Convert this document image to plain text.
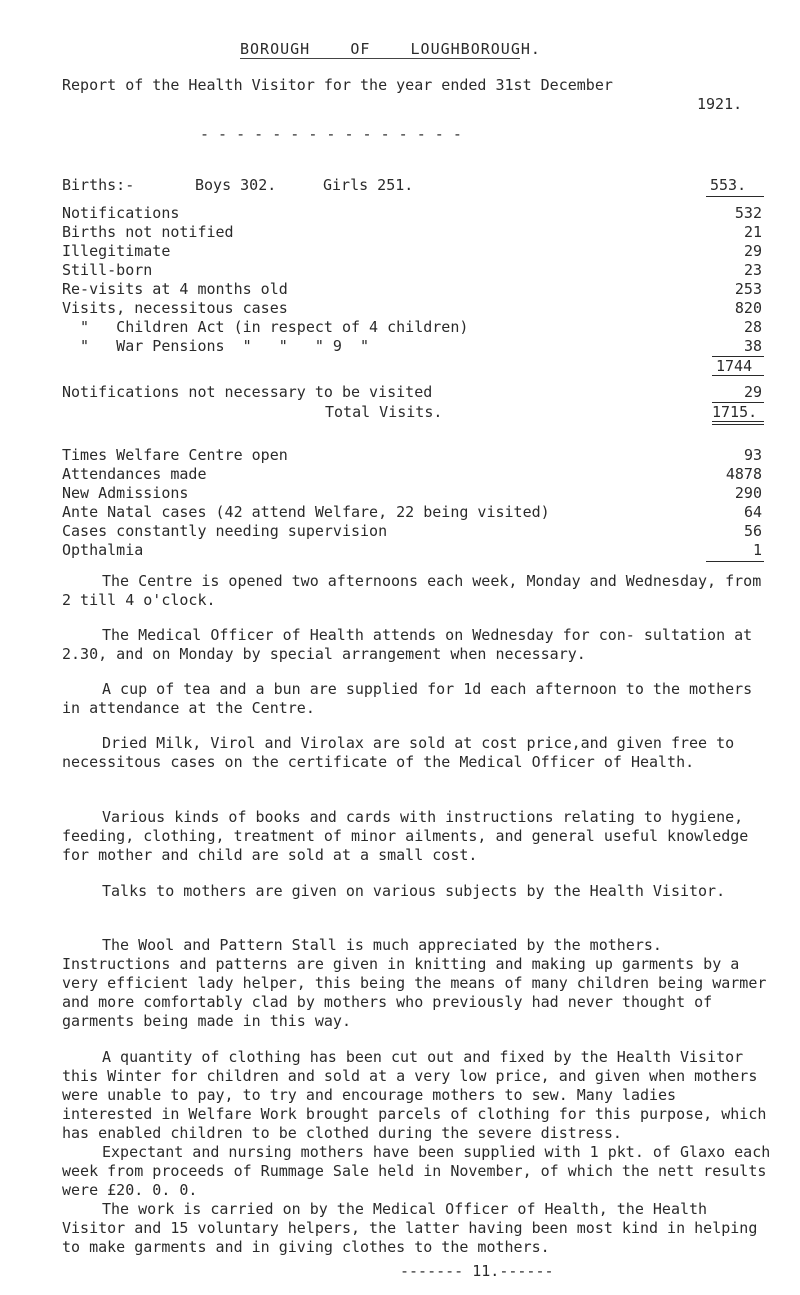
BOROUGH    OF    LOUGHBOROUGH.
Report of the Health Visitor for the year ended 31st December
1921.
- - - - - - - - - - - - - - -
Births:-	Boys 302.	Girls 251.	553.
Notifications	532
Births not notified	21
Illegitimate	29
Still-born	23
Re-visits at 4 months old	253
Visits, necessitous cases	820
"   Children Act (in respect of 4 children)	28
"   War Pensions  "   "   " 9  "	38
1744
Notifications not necessary to be visited	29
Total Visits.	1715.
Times Welfare Centre open	93
Attendances made	4878
New Admissions	290
Ante Natal cases (42 attend Welfare, 22 being visited)	64
Cases constantly needing supervision	56
Opthalmia	1
The Centre is opened two afternoons each week, Monday and Wednesday, from 2 till 4 o'clock.
The Medical Officer of Health attends on Wednesday for con- sultation at 2.30, and on Monday by special arrangement when necessary.
A cup of tea and a bun are supplied for 1d each afternoon to the mothers in attendance at the Centre.
Dried Milk, Virol and Virolax are sold at cost price,and given free to necessitous cases on the certificate of the Medical Officer of Health.
Various kinds of books and cards with instructions relating to hygiene, feeding, clothing, treatment of minor ailments, and general useful knowledge for mother and child are sold at a small cost.
Talks to mothers are given on various subjects by the Health Visitor.
The Wool and Pattern Stall is much appreciated by the mothers. Instructions and patterns are given in knitting and making up garments by a very efficient lady helper, this being the means of many children being warmer and more comfortably clad by mothers who previously had never thought of garments being made in this way.
A quantity of clothing has been cut out and fixed by the Health Visitor this Winter for children and sold at a very low price, and given when mothers were unable to pay, to try and encourage mothers to sew. Many ladies interested in Welfare Work brought parcels of clothing for this purpose, which has enabled children to be clothed during the severe distress.
Expectant and nursing mothers have been supplied with 1 pkt. of Glaxo each week from proceeds of Rummage Sale held in November, of which the nett results were £20. 0. 0.
The work is carried on by the Medical Officer of Health, the Health Visitor and 15 voluntary helpers, the latter having been most kind in helping to make garments and in giving clothes to the mothers.
------- 11.------
